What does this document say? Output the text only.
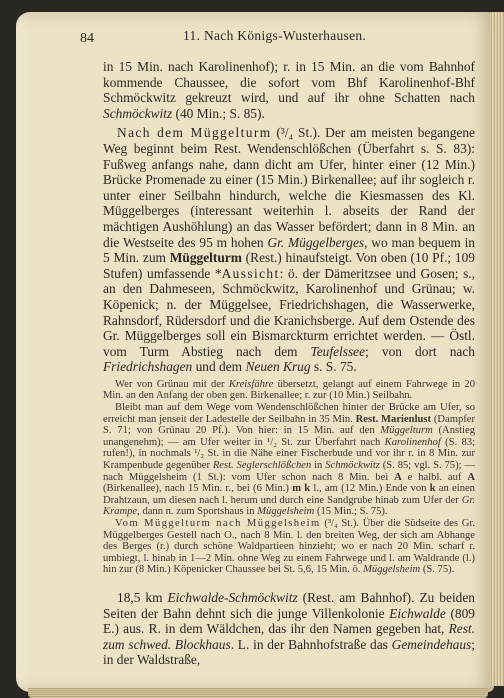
84	11. Nach Königs-Wusterhausen.

in 15 Min. nach Karolinenhof); r. in 15 Min. an die vom Bahnhof kommende Chaussee, die sofort vom Bhf Karolinenhof-Bhf Schmöckwitz gekreuzt wird, und auf ihr ohne Schatten nach Schmöckwitz (40 Min.; S. 85).

Nach dem Müggelturm (³/₄ St.). Der am meisten begangene Weg beginnt beim Rest. Wendenschlößchen (Überfahrt s. S. 83): Fußweg anfangs nahe, dann dicht am Ufer, hinter einer (12 Min.) Brücke Promenade zu einer (15 Min.) Birkenallee; auf ihr sogleich r. unter einer Seilbahn hindurch, welche die Kiesmassen des Kl. Müggelberges (interessant weiterhin l. abseits der Rand der mächtigen Aushöhlung) an das Wasser befördert; dann in 8 Min. an die Westseite des 95 m hohen Gr. Müggelberges, wo man bequem in 5 Min. zum Müggelturm (Rest.) hinaufsteigt. Von oben (10 Pf.; 109 Stufen) umfassende *Aussicht: ö. der Dämeritzsee und Gosen; s., an den Dahmeseen, Schmöckwitz, Karolinenhof und Grünau; w. Köpenick; n. der Müggelsee, Friedrichshagen, die Wasserwerke, Rahnsdorf, Rüdersdorf und die Kranichsberge. Auf dem Ostende des Gr. Müggelberges soll ein Bismarckturm errichtet werden. — Östl. vom Turm Abstieg nach dem Teufelssee; von dort nach Friedrichshagen und dem Neuen Krug s. S. 75.

Wer von Grünau mit der Kreisfähre übersetzt, gelangt auf einem Fahrwege in 20 Min. an den Anfang der oben gen. Birkenallee; r. zur (10 Min.) Seilbahn.

Bleibt man auf dem Wege vom Wendenschlößchen hinter der Brücke am Ufer, so erreicht man jenseit der Ladestelle der Seilbahn in 35 Min. Rest. Marienlust (Dampfer S. 71; von Grünau 20 Pf.). Von hier: in 15 Min. auf den Müggelturm (Anstieg unangenehm); — am Ufer weiter in ¹/₂ St. zur Überfahrt nach Karolinenhof (S. 83; rufen!), in nochmals ¹/₂ St. in die Nähe einer Fischerbude und vor ihr r. in 8 Min. zur Krampenbude gegenüber Rest. Seglerschlößchen in Schmöckwitz (S. 85; vgl. S. 75); — nach Müggelsheim (1 St.): vom Ufer schon nach 8 Min. bei A e halbl. auf A (Birkenallee), nach 15 Min. r., bei (6 Min.) m k l., am (12 Min.) Ende von k an einen Drahtzaun, um diesen nach l. herum und durch eine Sandgrube hinab zum Ufer der Gr. Krampe, dann n. zum Sportshaus in Müggelsheim (15 Min.; S. 75).

Vom Müggelturm nach Müggelsheim (³/₄ St.). Über die Südseite des Gr. Müggelberges Gestell nach O., nach 8 Min. l. den breiten Weg, der sich am Abhange des Berges (r.) durch schöne Waldpartieen hinzieht; wo er nach 20 Min. scharf r. umbiegt, l. hinab in 1—2 Min. ohne Weg zu einem Fahrwege und l. am Waldrande (l.) hin zur (8 Min.) Köpenicker Chaussee bei St. 5,6, 15 Min. ö. Müggelsheim (S. 75).

18,5 km Eichwalde-Schmöckwitz (Rest. am Bahnhof). Zu beiden Seiten der Bahn dehnt sich die junge Villenkolonie Eichwalde (809 E.) aus. R. in dem Wäldchen, das ihr den Namen gegeben hat, Rest. zum schwed. Blockhaus. L. in der Bahnhofstraße das Gemeindehaus; in der Waldstraße,
